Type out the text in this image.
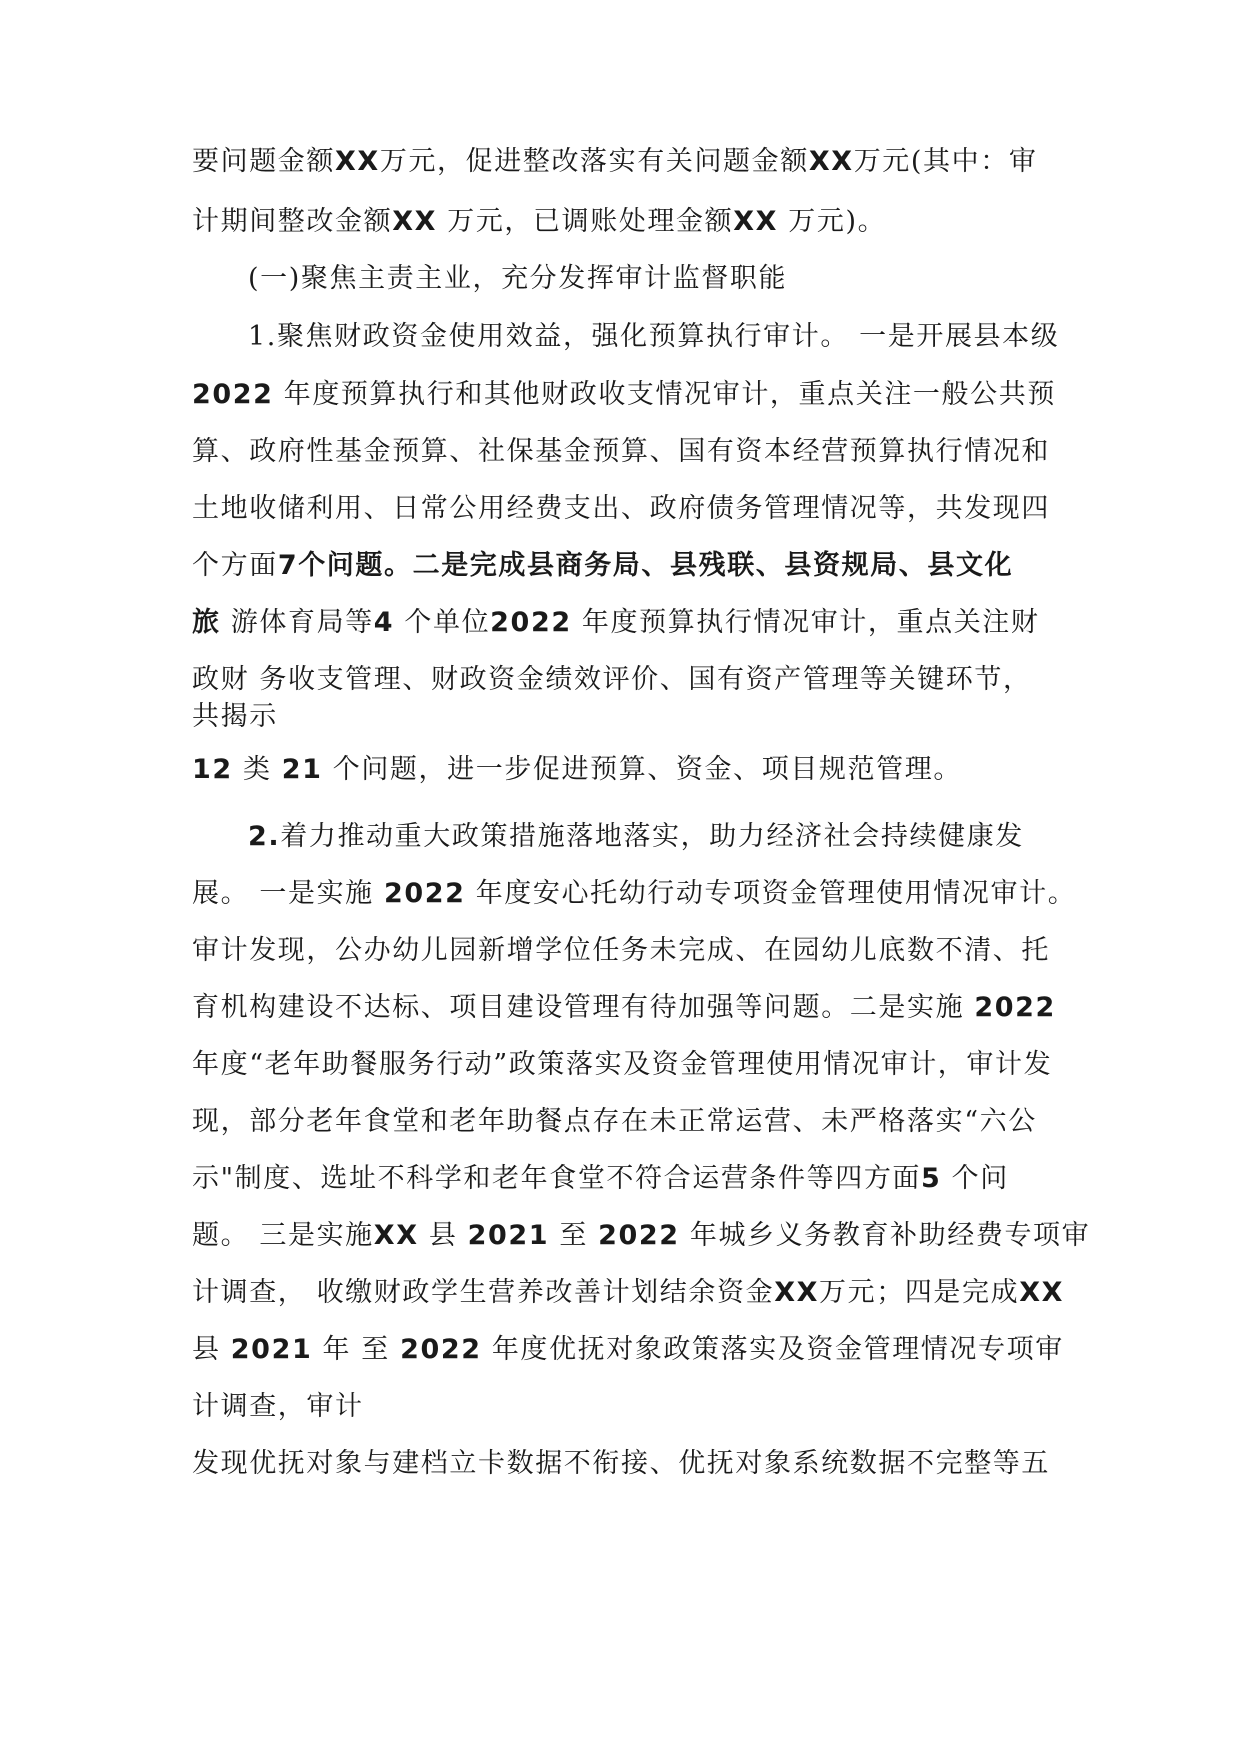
要问题金额XX万元，促进整改落实有关问题金额XX万元(其中：审
计期间整改金额XX 万元，已调账处理金额XX 万元)。
(一)聚焦主责主业，充分发挥审计监督职能
1.聚焦财政资金使用效益，强化预算执行审计。 一是开展县本级
2022 年度预算执行和其他财政收支情况审计，重点关注一般公共预
算、政府性基金预算、社保基金预算、国有资本经营预算执行情况和
土地收储利用、日常公用经费支出、政府债务管理情况等，共发现四
个方面7个问题。二是完成县商务局、县残联、县资规局、县文化
旅 游体育局等4 个单位2022 年度预算执行情况审计，重点关注财
政财 务收支管理、财政资金绩效评价、国有资产管理等关键环节，
共揭示
12 类 21 个问题，进一步促进预算、资金、项目规范管理。
2.着力推动重大政策措施落地落实，助力经济社会持续健康发
展。 一是实施 2022 年度安心托幼行动专项资金管理使用情况审计。
审计发现，公办幼儿园新增学位任务未完成、在园幼儿底数不清、托
育机构建设不达标、项目建设管理有待加强等问题。二是实施 2022
年度“老年助餐服务行动”政策落实及资金管理使用情况审计，审计发
现，部分老年食堂和老年助餐点存在未正常运营、未严格落实“六公
示"制度、选址不科学和老年食堂不符合运营条件等四方面5 个问
题。 三是实施XX 县 2021 至 2022 年城乡义务教育补助经费专项审
计调查， 收缴财政学生营养改善计划结余资金XX万元；四是完成XX
县 2021 年 至 2022 年度优抚对象政策落实及资金管理情况专项审
计调查，审计
发现优抚对象与建档立卡数据不衔接、优抚对象系统数据不完整等五
